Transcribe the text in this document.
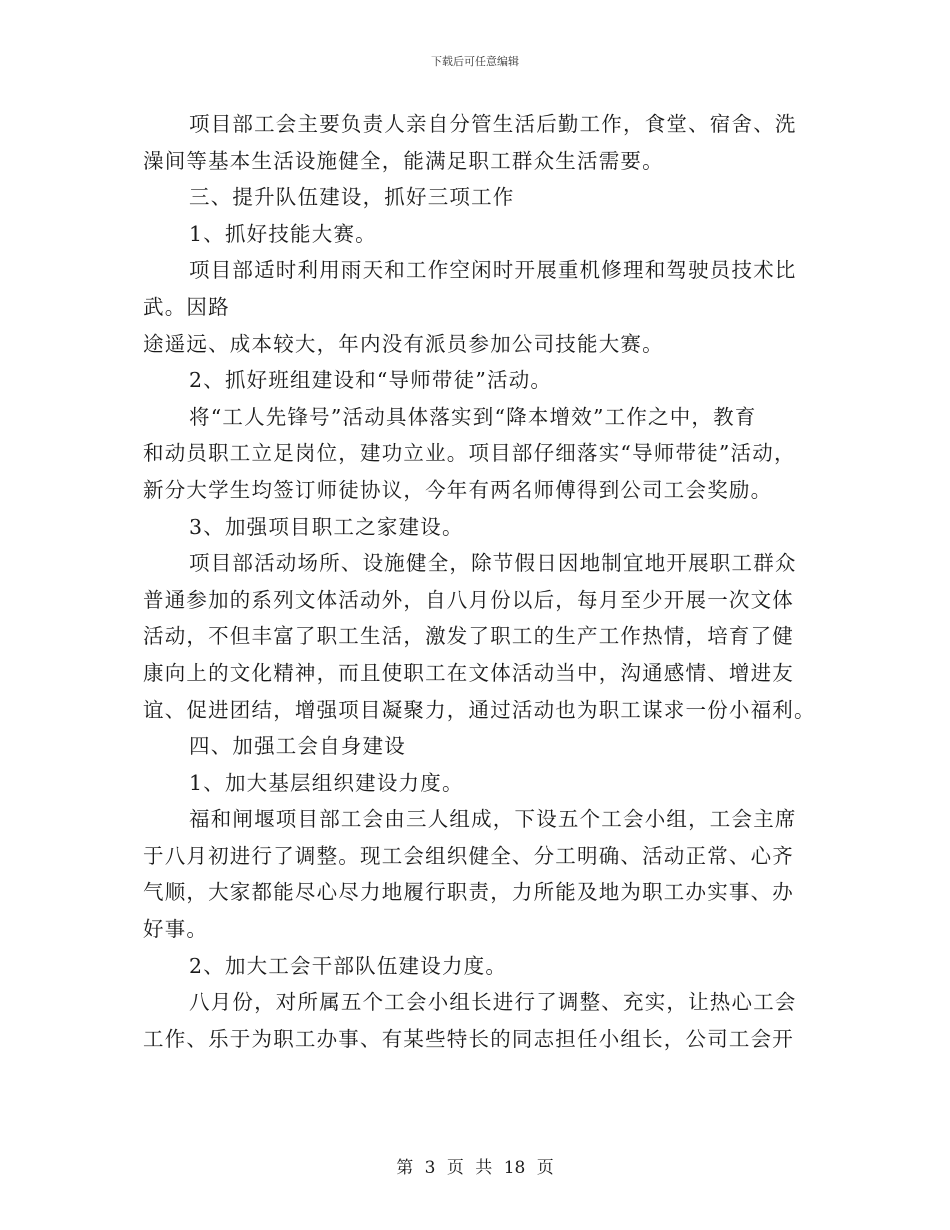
下载后可任意编辑
项目部工会主要负责人亲自分管生活后勤工作，食堂、宿舍、洗
澡间等基本生活设施健全，能满足职工群众生活需要。
三、提升队伍建设，抓好三项工作
1、抓好技能大赛。
项目部适时利用雨天和工作空闲时开展重机修理和驾驶员技术比
武。因路
途遥远、成本较大，年内没有派员参加公司技能大赛。
2、抓好班组建设和“导师带徒”活动。
将“工人先锋号”活动具体落实到“降本增效”工作之中，教育
和动员职工立足岗位，建功立业。项目部仔细落实“导师带徒”活动，
新分大学生均签订师徒协议，今年有两名师傅得到公司工会奖励。
3、加强项目职工之家建设。
项目部活动场所、设施健全，除节假日因地制宜地开展职工群众
普通参加的系列文体活动外，自八月份以后，每月至少开展一次文体
活动，不但丰富了职工生活，激发了职工的生产工作热情，培育了健
康向上的文化精神，而且使职工在文体活动当中，沟通感情、增进友
谊、促进团结，增强项目凝聚力，通过活动也为职工谋求一份小福利。
四、加强工会自身建设
1、加大基层组织建设力度。
福和闸堰项目部工会由三人组成，下设五个工会小组，工会主席
于八月初进行了调整。现工会组织健全、分工明确、活动正常、心齐
气顺，大家都能尽心尽力地履行职责，力所能及地为职工办实事、办
好事。
2、加大工会干部队伍建设力度。
八月份，对所属五个工会小组长进行了调整、充实，让热心工会
工作、乐于为职工办事、有某些特长的同志担任小组长，公司工会开
第 3 页 共 18 页
